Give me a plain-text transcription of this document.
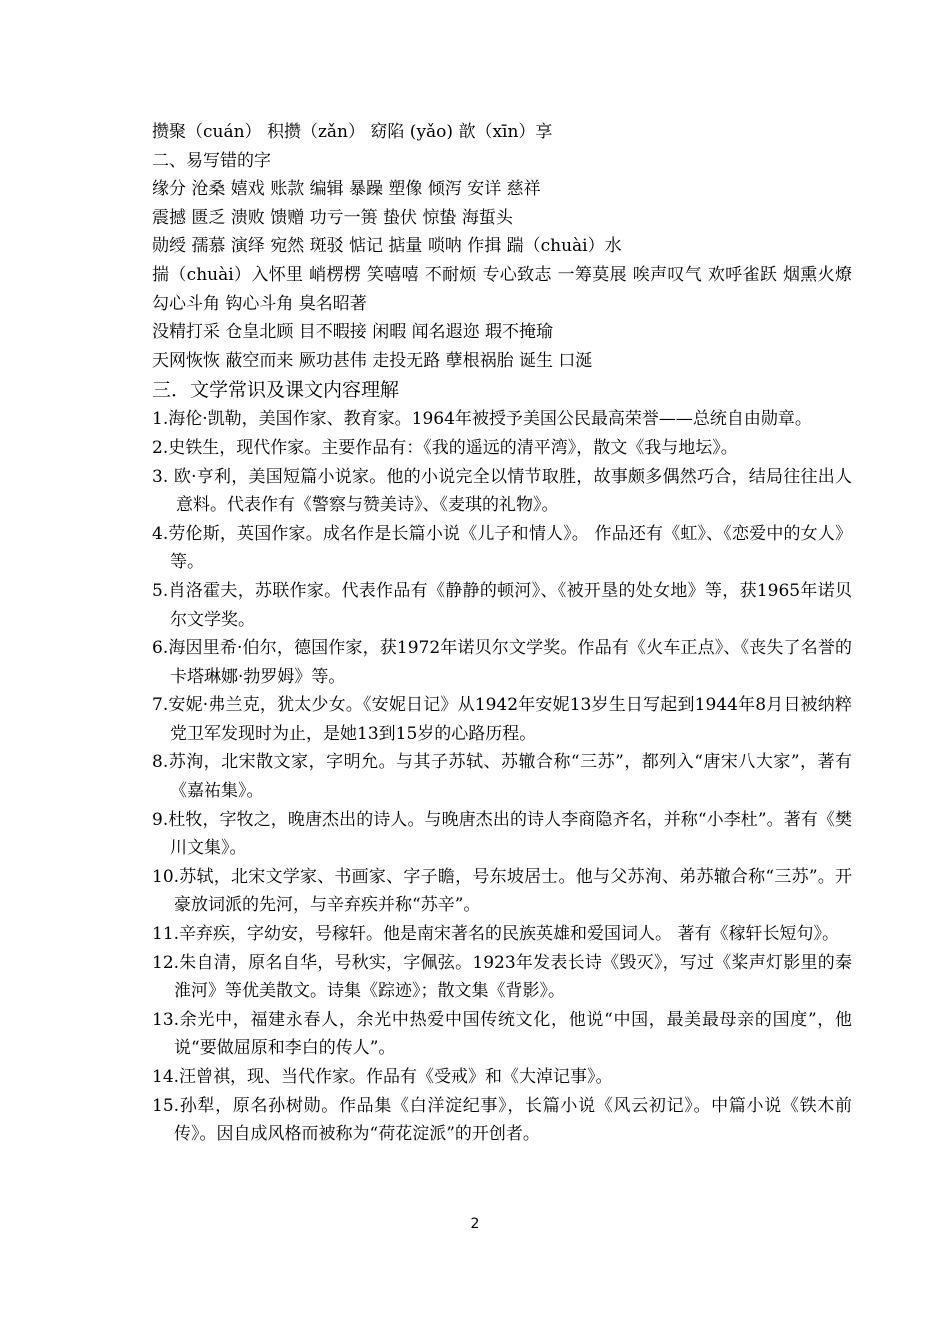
攒聚（cuán） 积攒（zǎn） 窈陷 (yǎo) 歆（xīn）享
二、易写错的字
缘分 沧桑 嬉戏 账款 编辑 暴躁 塑像 倾泻 安详 慈祥
震撼 匮乏 溃败 馈赠 功亏一篑 蛰伏 惊蛰 海蜇头
勋绶 孺慕 演绎 宛然 斑驳 惦记 掂量 唢呐 作揖 踹（chuài）水
揣（chuài）入怀里 峭楞楞 笑嘻嘻 不耐烦 专心致志 一筹莫展 唉声叹气 欢呼雀跃 烟熏火燎 勾心斗角 钩心斗角 臭名昭著
没精打采 仓皇北顾 目不暇接 闲暇 闻名遐迩 瑕不掩瑜
天网恢恢 蔽空而来 厥功甚伟 走投无路 孽根祸胎 诞生 口涎
三．文学常识及课文内容理解
1.海伦·凯勒，美国作家、教育家。1964年被授予美国公民最高荣誉——总统自由勋章。
2.史铁生，现代作家。主要作品有：《我的遥远的清平湾》，散文《我与地坛》。
3. 欧·亨利，美国短篇小说家。他的小说完全以情节取胜，故事颇多偶然巧合，结局往往出人意料。代表作有《警察与赞美诗》、《麦琪的礼物》。
4.劳伦斯，英国作家。成名作是长篇小说《儿子和情人》。 作品还有《虹》、《恋爱中的女人》等。
5.肖洛霍夫，苏联作家。代表作品有《静静的顿河》、《被开垦的处女地》等，获1965年诺贝尔文学奖。
6.海因里希·伯尔，德国作家，获1972年诺贝尔文学奖。作品有《火车正点》、《丧失了名誉的卡塔琳娜·勃罗姆》等。
7.安妮·弗兰克，犹太少女。《安妮日记》从1942年安妮13岁生日写起到1944年8月日被纳粹党卫军发现时为止，是她13到15岁的心路历程。
8.苏洵，北宋散文家，字明允。与其子苏轼、苏辙合称“三苏”，都列入“唐宋八大家”，著有《嘉祐集》。
9.杜牧，字牧之，晚唐杰出的诗人。与晚唐杰出的诗人李商隐齐名，并称“小李杜”。著有《樊川文集》。
10.苏轼，北宋文学家、书画家、字子瞻，号东坡居士。他与父苏洵、弟苏辙合称“三苏”。开豪放词派的先河，与辛弃疾并称“苏辛”。
11.辛弃疾，字幼安，号稼轩。他是南宋著名的民族英雄和爱国词人。 著有《稼轩长短句》。
12.朱自清，原名自华，号秋实，字佩弦。1923年发表长诗《毁灭》，写过《桨声灯影里的秦淮河》等优美散文。诗集《踪迹》；散文集《背影》。
13.余光中，福建永春人，余光中热爱中国传统文化，他说“中国，最美最母亲的国度”，他说“要做屈原和李白的传人”。
14.汪曾祺，现、当代作家。作品有《受戒》和《大淖记事》。
15.孙犁，原名孙树勋。作品集《白洋淀纪事》，长篇小说《风云初记》。中篇小说《铁木前传》。因自成风格而被称为“荷花淀派”的开创者。
2
